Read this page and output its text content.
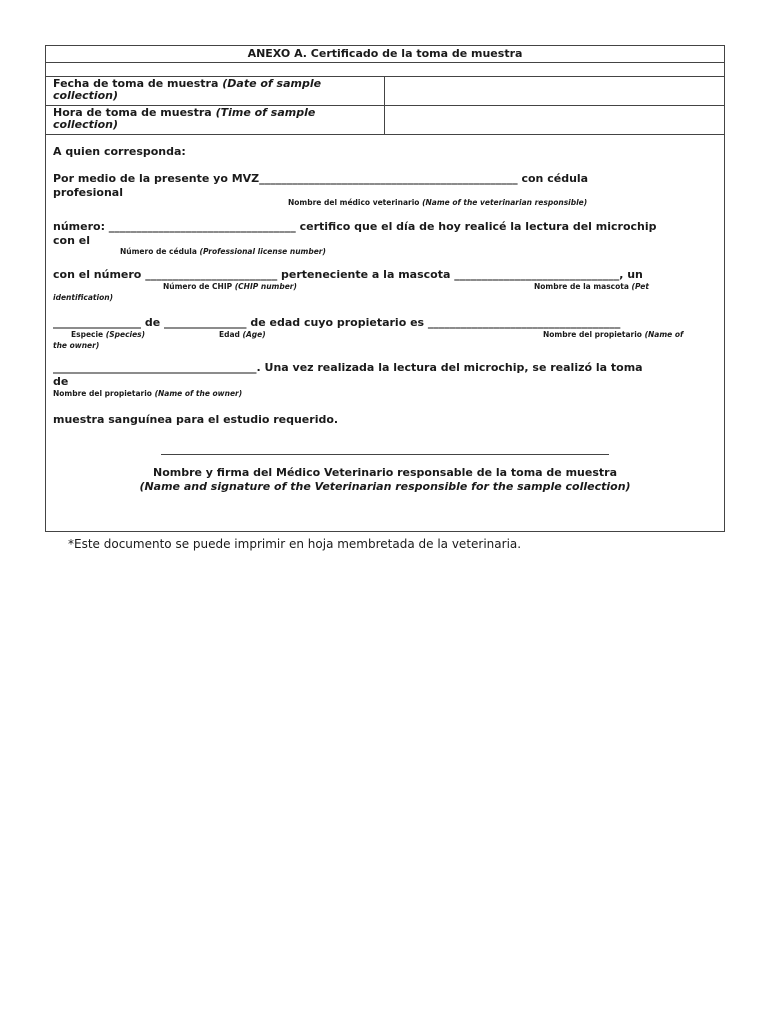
ANEXO A. Certificado de la toma de muestra
Fecha de toma de muestra (Date of sample
collection)
Hora de toma de muestra (Time of sample
collection)
A quien corresponda:
Por medio de la presente yo MVZ_______________________________________________ con cédula
profesional
Nombre del médico veterinario (Name of the veterinarian responsible)
número: __________________________________ certifico que el día de hoy realicé la lectura del microchip
con el
Número de cédula (Professional license number)
con el número ________________________ perteneciente a la mascota ______________________________, un
Número de CHIP (CHIP number)	Nombre de la mascota (Pet
identification)
________________ de _______________ de edad cuyo propietario es ___________________________________
Especie (Species)	Edad (Age)	Nombre del propietario (Name of
the owner)
_____________________________________. Una vez realizada la lectura del microchip, se realizó la toma
de
Nombre del propietario (Name of the owner)
muestra sanguínea para el estudio requerido.
Nombre y firma del Médico Veterinario responsable de la toma de muestra
(Name and signature of the Veterinarian responsible for the sample collection)
*Este documento se puede imprimir en hoja membretada de la veterinaria.
